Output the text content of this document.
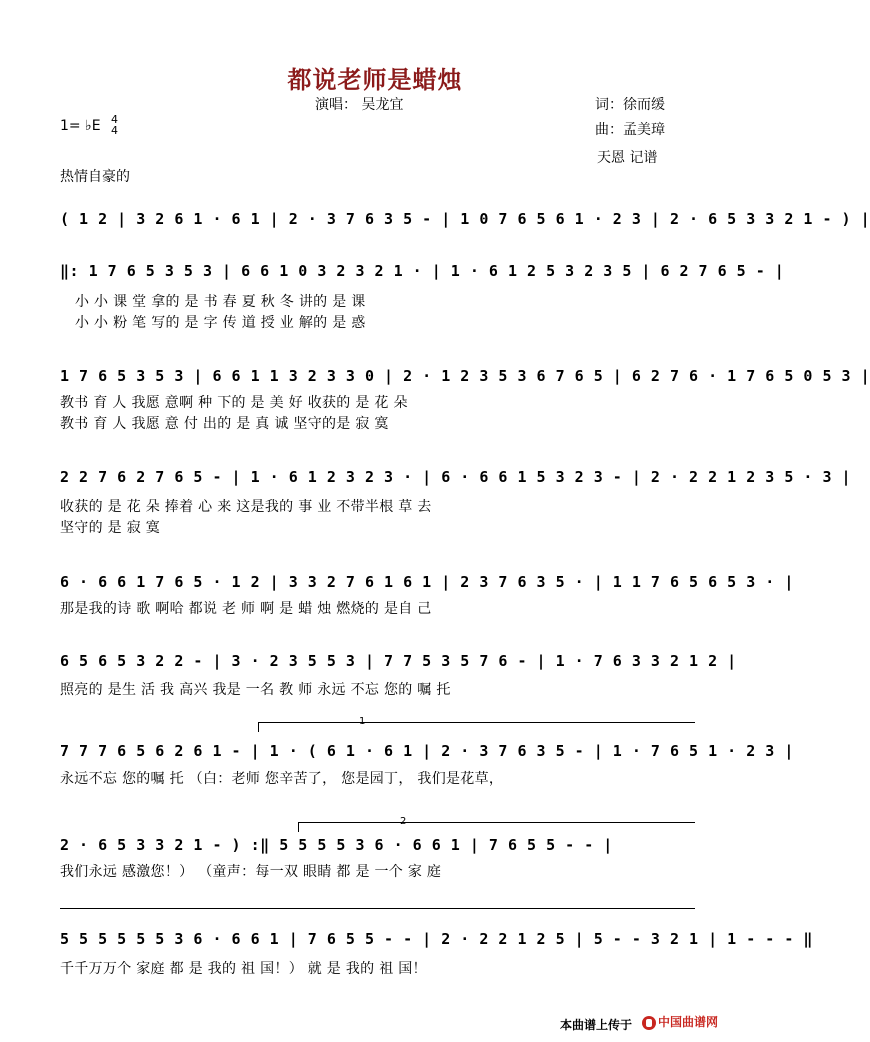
都说老师是蜡烛
演唱： 吴龙宜	词：徐而缓
曲：孟美璋
天恩 记谱
1= ♭E 4
4
热情自豪的
( 1 2 | 3 2 6 1 · 6 1 | 2 · 3 7 6 3 5 - | 1 0 7 6 5 6 1 · 2 3 | 2 · 6 5 3 3 2 1 - ) |
‖: 1 7 6 5 3 5 3 | 6 6 1 0 3 2 3 2 1 · | 1 · 6 1 2 5 3 2 3 5 | 6 2 7 6 5 - |
小 小 课 堂 拿的 是 书 春 夏 秋 冬 讲的 是 课
小 小 粉 笔 写的 是 字 传 道 授 业 解的 是 惑
1 7 6 5 3 5 3 | 6 6 1 1 3 2 3 3 0 | 2 · 1 2 3 5 3 6 7 6 5 | 6 2 7 6 · 1 7 6 5 0 5 3 |
教书 育 人 我愿 意啊 种 下的 是 美 好 收获的 是 花 朵
教书 育 人 我愿 意 付 出的 是 真 诚 坚守的是 寂 寞
2 2 7 6 2 7 6 5 - | 1 · 6 1 2 3 2 3 · | 6 · 6 6 1 5 3 2 3 - | 2 · 2 2 1 2 3 5 · 3 |
收获的 是 花 朵 捧着 心 来 这是我的 事 业 不带半根 草 去
坚守的 是 寂 寞
6 · 6 6 1 7 6 5 · 1 2 | 3 3 2 7 6 1 6 1 | 2 3 7 6 3 5 · | 1 1 7 6 5 6 5 3 · |
那是我的诗 歌 啊哈 都说 老 师 啊 是 蜡 烛 燃烧的 是自 己
6 5 6 5 3 2 2 - | 3 · 2 3 5 5 3 | 7 7 5 3 5 7 6 - | 1 · 7 6 3 3 2 1 2 |
照亮的 是生 活 我 高兴 我是 一名 教 师 永远 不忘 您的 嘱 托
1
7 7 7 6 5 6 2 6 1 - | 1 · ( 6 1 · 6 1 | 2 · 3 7 6 3 5 - | 1 · 7 6 5 1 · 2 3 |
永远不忘 您的嘱 托 （白：老师 您辛苦了， 您是园丁， 我们是花草，
2
2 · 6 5 3 3 2 1 - ) :‖ 5 5 5 5 3 6 · 6 6 1 | 7 6 5 5 - - |
我们永远 感激您！） （童声：每一双 眼睛 都 是 一个 家 庭
5 5 5 5 5 5 3 6 · 6 6 1 | 7 6 5 5 - - | 2 · 2 2 1 2 5 | 5 - - 3 2 1 | 1 - - - ‖
千千万万个 家庭 都 是 我的 祖 国！） 就 是 我的 祖 国！
本曲谱上传于	中国曲谱网
